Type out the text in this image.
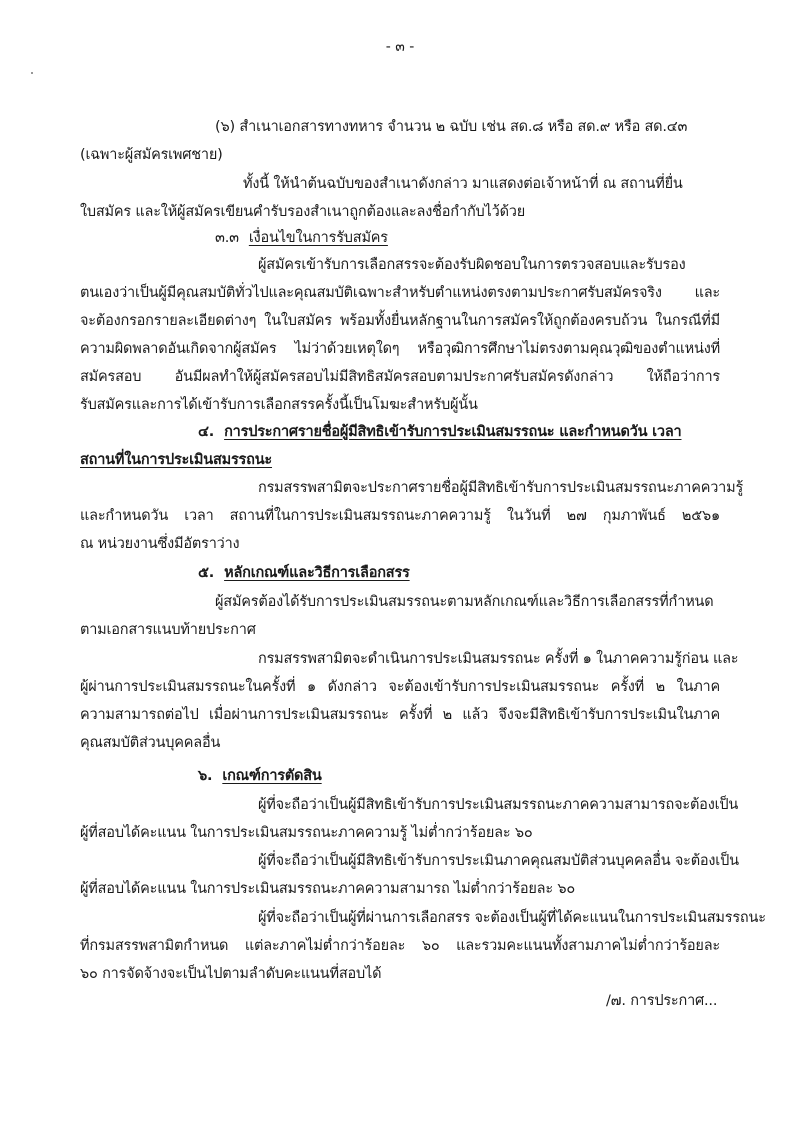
- ๓ -
(๖) สำเนาเอกสารทางทหาร จำนวน ๒ ฉบับ เช่น สด.๘ หรือ สด.๙ หรือ สด.๔๓
(เฉพาะผู้สมัครเพศชาย)
ทั้งนี้ ให้นำต้นฉบับของสำเนาดังกล่าว มาแสดงต่อเจ้าหน้าที่ ณ สถานที่ยื่น
ใบสมัคร และให้ผู้สมัครเขียนคำรับรองสำเนาถูกต้องและลงชื่อกำกับไว้ด้วย
๓.๓ เงื่อนไขในการรับสมัคร
ผู้สมัครเข้ารับการเลือกสรรจะต้องรับผิดชอบในการตรวจสอบและรับรอง
ตนเองว่าเป็นผู้มีคุณสมบัติทั่วไปและคุณสมบัติเฉพาะสำหรับตำแหน่งตรงตามประกาศรับสมัครจริง และ
จะต้องกรอกรายละเอียดต่างๆ ในใบสมัคร พร้อมทั้งยื่นหลักฐานในการสมัครให้ถูกต้องครบถ้วน ในกรณีที่มี
ความผิดพลาดอันเกิดจากผู้สมัคร ไม่ว่าด้วยเหตุใดๆ หรือวุฒิการศึกษาไม่ตรงตามคุณวุฒิของตำแหน่งที่
สมัครสอบ อันมีผลทำให้ผู้สมัครสอบไม่มีสิทธิสมัครสอบตามประกาศรับสมัครดังกล่าว ให้ถือว่าการ
รับสมัครและการได้เข้ารับการเลือกสรรครั้งนี้เป็นโมฆะสำหรับผู้นั้น
๔. การประกาศรายชื่อผู้มีสิทธิเข้ารับการประเมินสมรรถนะ และกำหนดวัน เวลา
สถานที่ในการประเมินสมรรถนะ
กรมสรรพสามิตจะประกาศรายชื่อผู้มีสิทธิเข้ารับการประเมินสมรรถนะภาคความรู้
และกำหนดวัน เวลา สถานที่ในการประเมินสมรรถนะภาคความรู้ ในวันที่ ๒๗ กุมภาพันธ์ ๒๕๖๑
ณ หน่วยงานซึ่งมีอัตราว่าง
๕. หลักเกณฑ์และวิธีการเลือกสรร
ผู้สมัครต้องได้รับการประเมินสมรรถนะตามหลักเกณฑ์และวิธีการเลือกสรรที่กำหนด
ตามเอกสารแนบท้ายประกาศ
กรมสรรพสามิตจะดำเนินการประเมินสมรรถนะ ครั้งที่ ๑ ในภาคความรู้ก่อน และ
ผู้ผ่านการประเมินสมรรถนะในครั้งที่ ๑ ดังกล่าว จะต้องเข้ารับการประเมินสมรรถนะ ครั้งที่ ๒ ในภาค
ความสามารถต่อไป เมื่อผ่านการประเมินสมรรถนะ ครั้งที่ ๒ แล้ว จึงจะมีสิทธิเข้ารับการประเมินในภาค
คุณสมบัติส่วนบุคคลอื่น
๖. เกณฑ์การตัดสิน
ผู้ที่จะถือว่าเป็นผู้มีสิทธิเข้ารับการประเมินสมรรถนะภาคความสามารถจะต้องเป็น
ผู้ที่สอบได้คะแนน ในการประเมินสมรรถนะภาคความรู้ ไม่ต่ำกว่าร้อยละ ๖๐
ผู้ที่จะถือว่าเป็นผู้มีสิทธิเข้ารับการประเมินภาคคุณสมบัติส่วนบุคคลอื่น จะต้องเป็น
ผู้ที่สอบได้คะแนน ในการประเมินสมรรถนะภาคความสามารถ ไม่ต่ำกว่าร้อยละ ๖๐
ผู้ที่จะถือว่าเป็นผู้ที่ผ่านการเลือกสรร จะต้องเป็นผู้ที่ได้คะแนนในการประเมินสมรรถนะ
ที่กรมสรรพสามิตกำหนด แต่ละภาคไม่ต่ำกว่าร้อยละ ๖๐ และรวมคะแนนทั้งสามภาคไม่ต่ำกว่าร้อยละ
๖๐ การจัดจ้างจะเป็นไปตามลำดับคะแนนที่สอบได้
/๗. การประกาศ...
